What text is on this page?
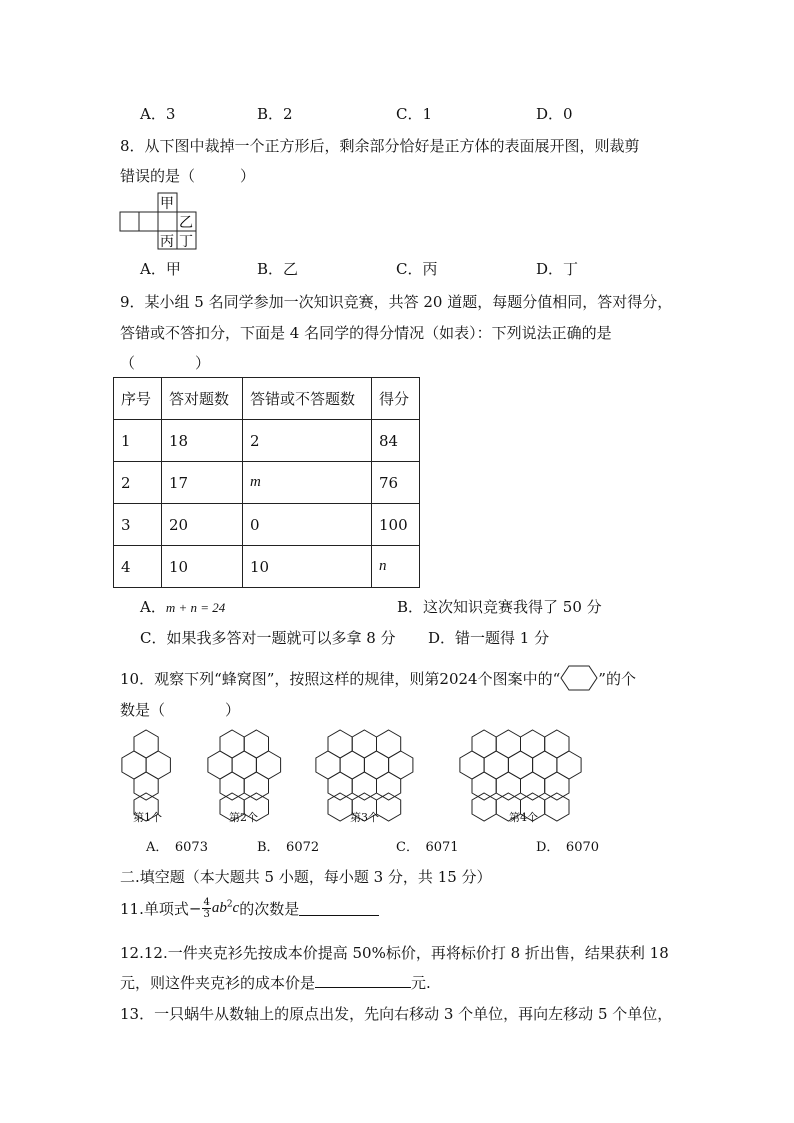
A．3	B．2	C．1	D．0
8．从下图中裁掉一个正方形后，剩余部分恰好是正方体的表面展开图，则裁剪
错误的是（　　　）
甲
乙
丙 丁
A．甲	B．乙	C．丙	D．丁
9．某小组 5 名同学参加一次知识竞赛，共答 20 道题，每题分值相同，答对得分，
答错或不答扣分，下面是 4 名同学的得分情况（如表）：下列说法正确的是
（　　　　）
序号	答对题数	答错或不答题数	得分
1	18	2	84
2	17	m	76
3	20	0	100
4	10	10	n
A．m + n = 24	B．这次知识竞赛我得了 50 分
C．如果我多答对一题就可以多拿 8 分 D．错一题得 1 分
10．观察下列“蜂窝图”，按照这样的规律，则第2024个图案中的“	”的个
数是（　　　　）
第1个	第2个	第3个	第4个
A．　6073	B．　6072	C．　6071	D．　6070
二.填空题（本大题共 5 小题，每小题 3 分，共 15 分）
11.单项式− $\frac{4}{3} ab^2c$的次数是
12.12.一件夹克衫先按成本价提高 50%标价，再将标价打 8 折出售，结果获利 18
元，则这件夹克衫的成本价是	元.
13．一只蜗牛从数轴上的原点出发，先向右移动 3 个单位，再向左移动 5 个单位，
